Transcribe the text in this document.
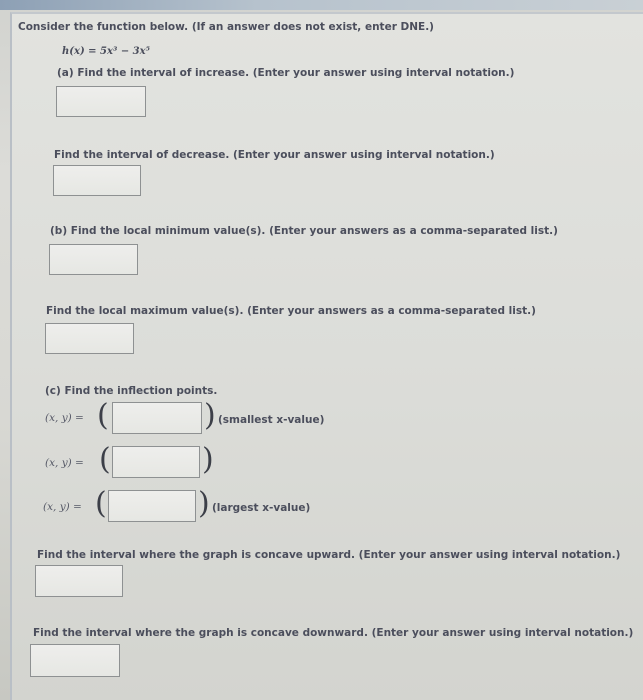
Consider the function below. (If an answer does not exist, enter DNE.)
h(x) = 5x³ − 3x⁵
(a) Find the interval of increase. (Enter your answer using interval notation.)
Find the interval of decrease. (Enter your answer using interval notation.)
(b) Find the local minimum value(s). (Enter your answers as a comma-separated list.)
Find the local maximum value(s). (Enter your answers as a comma-separated list.)
(c) Find the inflection points.
(x, y) = (	) (smallest x-value)
(x, y) = (	)
(x, y) = (	) (largest x-value)
Find the interval where the graph is concave upward. (Enter your answer using interval notation.)
Find the interval where the graph is concave downward. (Enter your answer using interval notation.)
